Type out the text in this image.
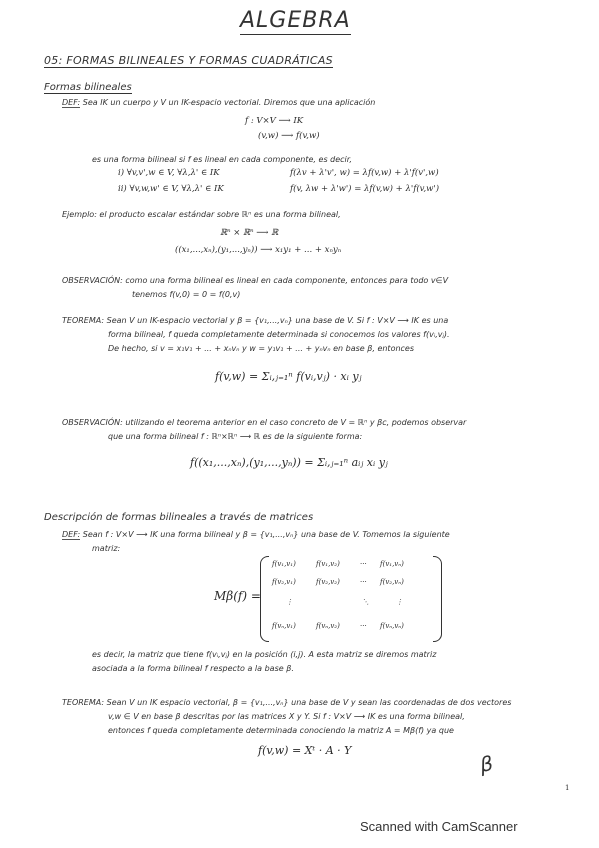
ALGEBRA
05: FORMAS BILINEALES Y FORMAS CUADRÁTICAS
Formas bilineales
DEF: Sea IK un cuerpo y V un IK-espacio vectorial. Diremos que una aplicación
f : V×V ⟶ IK
(v,w) ⟶ f(v,w)
es una forma bilineal si f es lineal en cada componente, es decir,
i) ∀v,v',w ∈ V, ∀λ,λ' ∈ IK	f(λv + λ'v', w) = λf(v,w) + λ'f(v',w)
ii) ∀v,w,w' ∈ V, ∀λ,λ' ∈ IK	f(v, λw + λ'w') = λf(v,w) + λ'f(v,w')
Ejemplo: el producto escalar estándar sobre ℝⁿ es una forma bilineal,
ℝⁿ × ℝⁿ ⟶ ℝ
((x₁,...,xₙ),(y₁,...,yₙ)) ⟶ x₁y₁ + ... + xₙyₙ
OBSERVACIÓN: como una forma bilineal es lineal en cada componente, entonces para todo v∈V
tenemos f(v,0) = 0 = f(0,v)
TEOREMA: Sean V un IK-espacio vectorial y β = {v₁,...,vₙ} una base de V. Si f : V×V ⟶ IK es una
forma bilineal, f queda completamente determinada si conocemos los valores f(vᵢ,vⱼ).
De hecho, si v = x₁v₁ + ... + xₙvₙ y w = y₁v₁ + ... + yₙvₙ en base β, entonces
f(v,w) = Σᵢ,ⱼ₌₁ⁿ f(vᵢ,vⱼ) · xᵢ yⱼ
OBSERVACIÓN: utilizando el teorema anterior en el caso concreto de V = ℝⁿ y βc, podemos observar
que una forma bilineal f : ℝⁿ×ℝⁿ ⟶ ℝ es de la siguiente forma:
f((x₁,...,xₙ),(y₁,...,yₙ)) = Σᵢ,ⱼ₌₁ⁿ aᵢⱼ xᵢ yⱼ
Descripción de formas bilineales a través de matrices
DEF: Sean f : V×V ⟶ IK una forma bilineal y β = {v₁,...,vₙ} una base de V. Tomemos la siguiente
matriz:
Mβ(f) =
f(v₁,v₁)	f(v₁,v₂)	··· f(v₁,vₙ)
f(v₂,v₁)	f(v₂,v₂)	··· f(v₂,vₙ)
⋮	⋱	⋮
f(vₙ,v₁)	f(vₙ,v₂)	··· f(vₙ,vₙ)
es decir, la matriz que tiene f(vᵢ,vⱼ) en la posición (i,j). A esta matriz se diremos matriz
asociada a la forma bilineal f respecto a la base β.
TEOREMA: Sean V un IK espacio vectorial, β = {v₁,...,vₙ} una base de V y sean las coordenadas de dos vectores
v,w ∈ V en base β descritas por las matrices X y Y. Si f : V×V ⟶ IK es una forma bilineal,
entonces f queda completamente determinada conociendo la matriz A = Mβ(f) ya que
f(v,w) = Xᵗ · A · Y
β
1
Scanned with CamScanner
